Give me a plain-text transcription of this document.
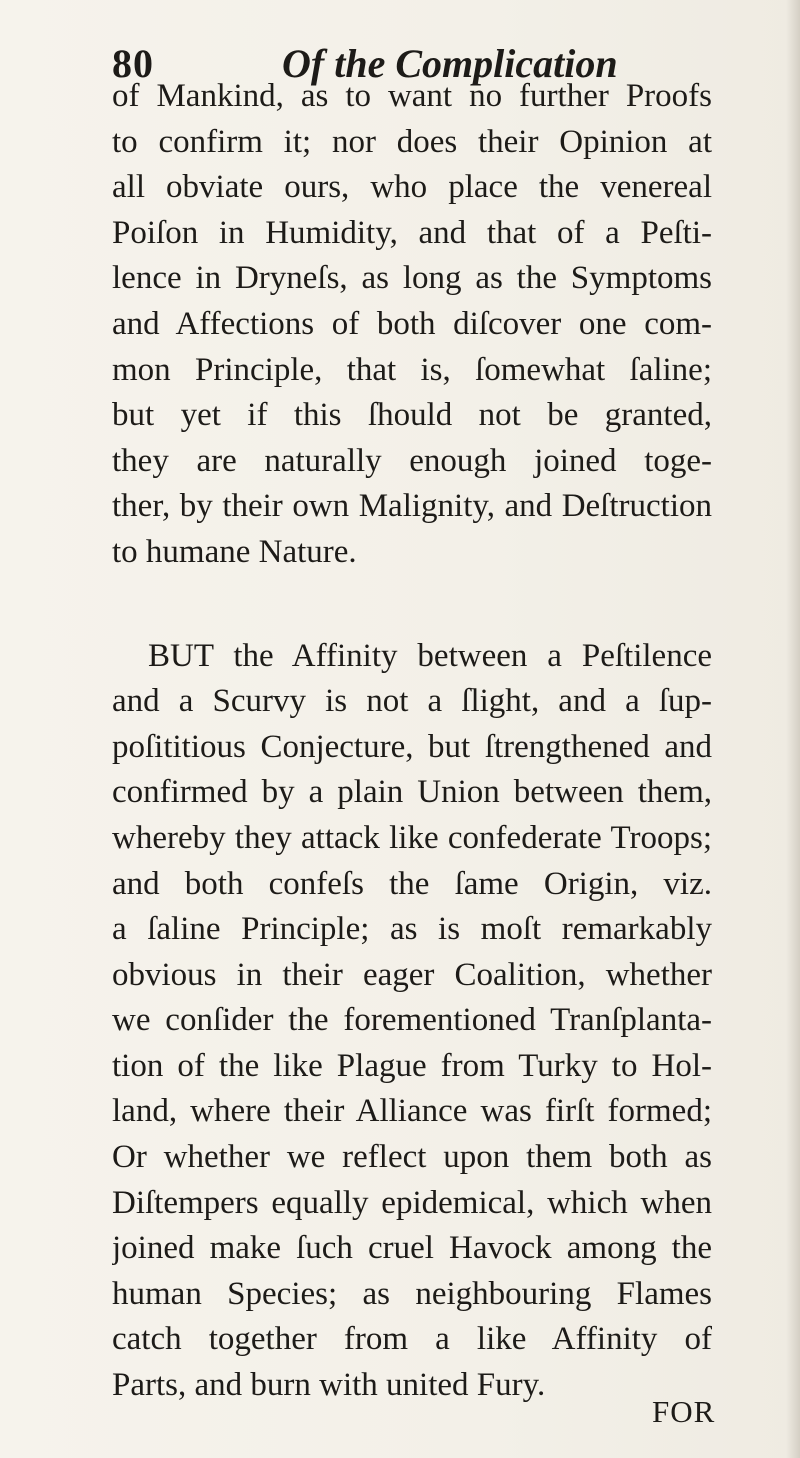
80	Of the Complication
of Mankind, as to want no further Proofs
to confirm it; nor does their Opinion at
all obviate ours, who place the venereal
Poiſon in Humidity, and that of a Peſti-
lence in Dryneſs, as long as the Symptoms
and Affections of both diſcover one com-
mon Principle, that is, ſomewhat ſaline;
but yet if this ſhould not be granted,
they are naturally enough joined toge-
ther, by their own Malignity, and Deſtruction
to humane Nature.
BUT the Affinity between a Peſtilence
and a Scurvy is not a ſlight, and a ſup-
poſititious Conjecture, but ſtrengthened and
confirmed by a plain Union between them,
whereby they attack like confederate Troops;
and both confeſs the ſame Origin, viz.
a ſaline Principle; as is moſt remarkably
obvious in their eager Coalition, whether
we conſider the forementioned Tranſplanta-
tion of the like Plague from Turky to Hol-
land, where their Alliance was firſt formed;
Or whether we reflect upon them both as
Diſtempers equally epidemical, which when
joined make ſuch cruel Havock among the
human Species; as neighbouring Flames
catch together from a like Affinity of
Parts, and burn with united Fury.
FOR
